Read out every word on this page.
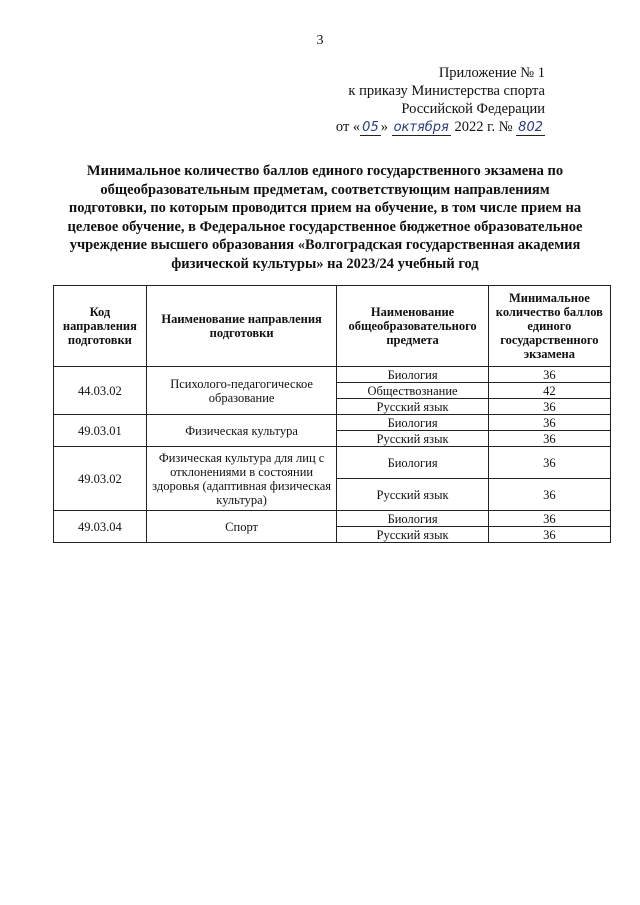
3
Приложение № 1
к приказу Министерства спорта
Российской Федерации
от « 05 » октября 2022 г. № 802
Минимальное количество баллов единого государственного экзамена по общеобразовательным предметам, соответствующим направлениям подготовки, по которым проводится прием на обучение, в том числе прием на целевое обучение, в Федеральное государственное бюджетное образовательное учреждение высшего образования «Волгоградская государственная академия физической культуры» на 2023/24 учебный год
Код направления подготовки	Наименование направления подготовки	Наименование общеобразовательного предмета	Минимальное количество баллов единого государственного экзамена
44.03.02	Психолого-педагогическое образование	Биология	36
		Обществознание	42
		Русский язык	36
49.03.01	Физическая культура	Биология	36
		Русский язык	36
49.03.02	Физическая культура для лиц с отклонениями в состоянии здоровья (адаптивная физическая культура)	Биология	36
		Русский язык	36
49.03.04	Спорт	Биология	36
		Русский язык	36
